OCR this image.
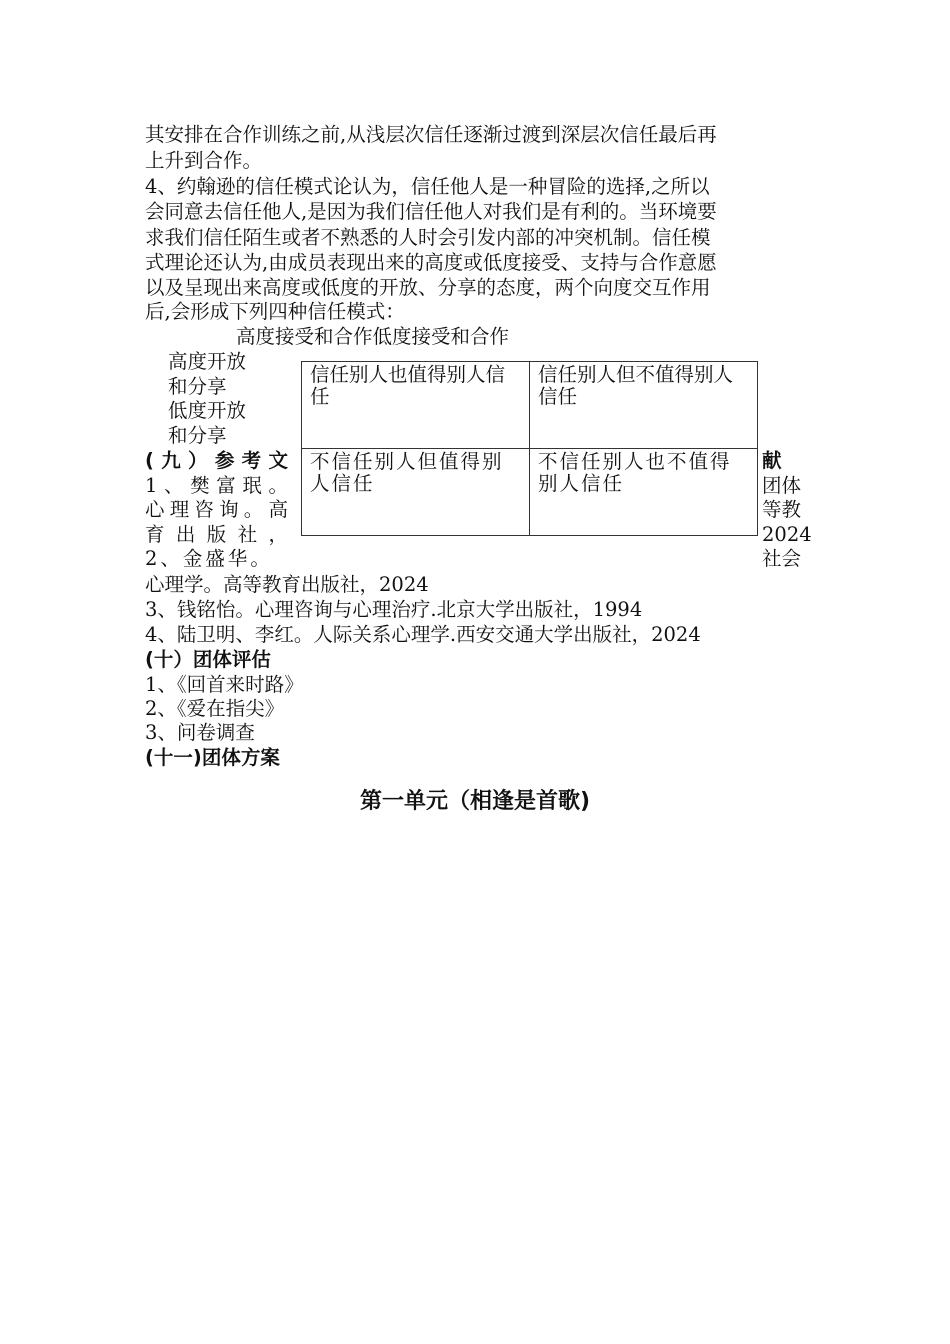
其安排在合作训练之前,从浅层次信任逐渐过渡到深层次信任最后再
上升到合作。
4、约翰逊的信任模式论认为，信任他人是一种冒险的选择,之所以
会同意去信任他人,是因为我们信任他人对我们是有利的。当环境要
求我们信任陌生或者不熟悉的人时会引发内部的冲突机制。信任模
式理论还认为,由成员表现出来的高度或低度接受、支持与合作意愿
以及呈现出来高度或低度的开放、分享的态度，两个向度交互作用
后,会形成下列四种信任模式：
高度接受和合作低度接受和合作
高度开放
和分享
低度开放
和分享
信任别人也值得别人信任	信任别人但不值得别人信任
不信任别人但值得别人信任	不信任别人也不值得别人信任
(九）参考文	献
1、樊富珉。
心理咨询。高
育出版社，
2、金盛华。
团体
等教
2024
社会
心理学。高等教育出版社，2024
3、钱铭怡。心理咨询与心理治疗.北京大学出版社，1994
4、陆卫明、李红。人际关系心理学.西安交通大学出版社，2024
(十）团体评估
1、《回首来时路》
2、《爱在指尖》
3、问卷调查
(十一)团体方案
第一单元（相逢是首歌)
